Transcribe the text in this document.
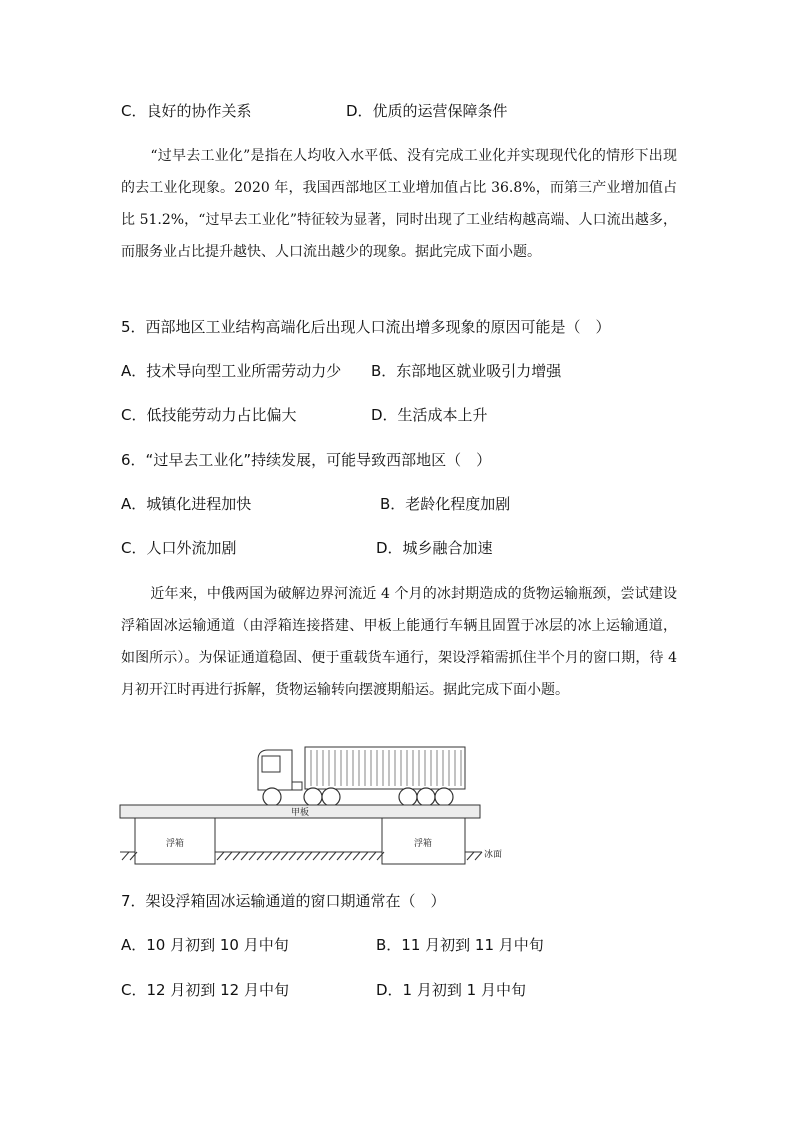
C．良好的协作关系	D．优质的运营保障条件
“过早去工业化”是指在人均收入水平低、没有完成工业化并实现现代化的情形下出现的去工业化现象。2020 年，我国西部地区工业增加值占比 36.8%，而第三产业增加值占比 51.2%，“过早去工业化”特征较为显著，同时出现了工业结构越高端、人口流出越多，而服务业占比提升越快、人口流出越少的现象。据此完成下面小题。
5．西部地区工业结构高端化后出现人口流出增多现象的原因可能是（　）
A．技术导向型工业所需劳动力少 B．东部地区就业吸引力增强
C．低技能劳动力占比偏大	D．生活成本上升
6．“过早去工业化”持续发展，可能导致西部地区（　）
A．城镇化进程加快	B．老龄化程度加剧
C．人口外流加剧	D．城乡融合加速
近年来，中俄两国为破解边界河流近 4 个月的冰封期造成的货物运输瓶颈，尝试建设浮箱固冰运输通道（由浮箱连接搭建、甲板上能通行车辆且固置于冰层的冰上运输通道，如图所示）。为保证通道稳固、便于重载货车通行，架设浮箱需抓住半个月的窗口期，待 4 月初开江时再进行拆解，货物运输转向摆渡期船运。据此完成下面小题。
甲板
浮箱	浮箱
冰面
7．架设浮箱固冰运输通道的窗口期通常在（　）
A．10 月初到 10 月中旬	B．11 月初到 11 月中旬
C．12 月初到 12 月中旬	D．1 月初到 1 月中旬
